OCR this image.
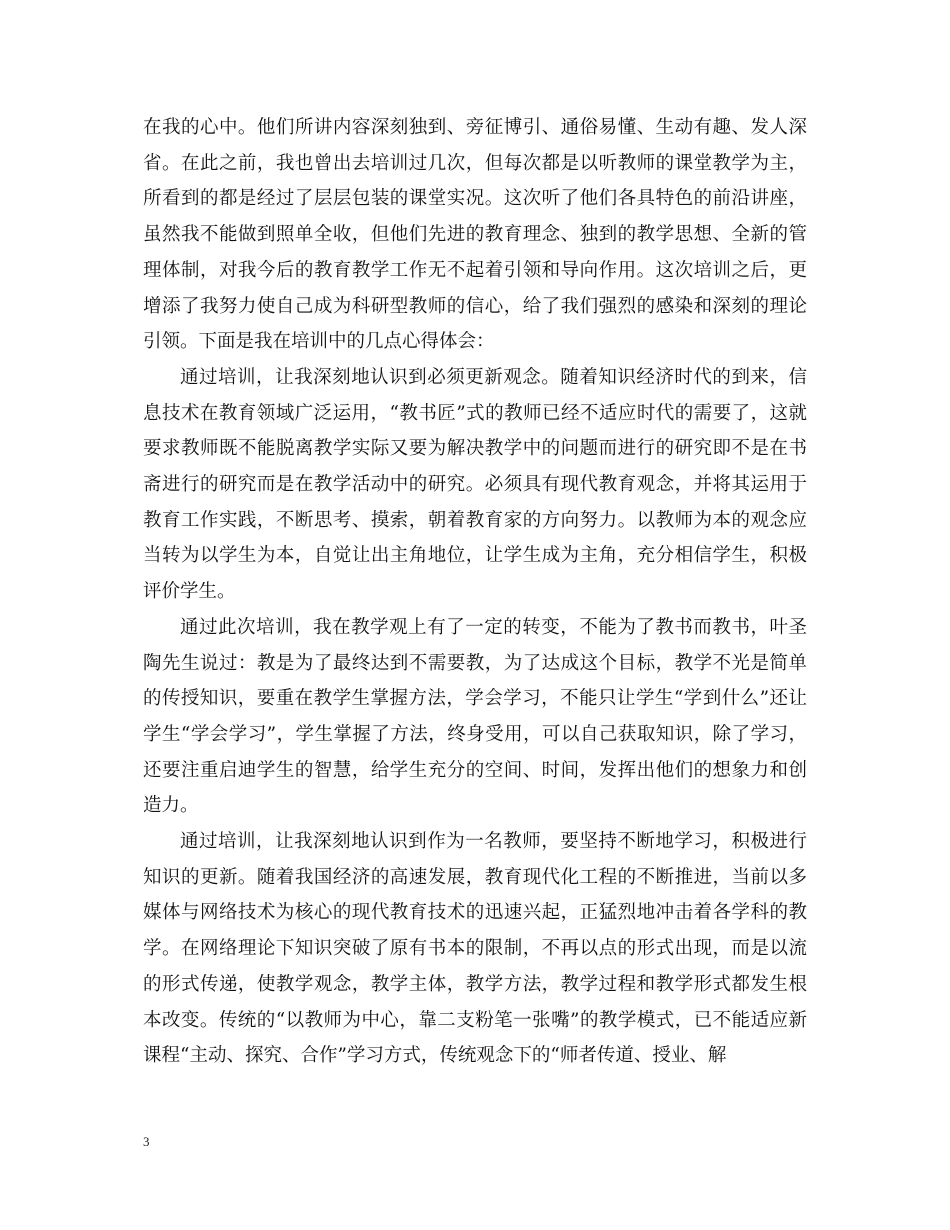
在我的心中。他们所讲内容深刻独到、旁征博引、通俗易懂、生动有趣、发人深省。在此之前，我也曾出去培训过几次，但每次都是以听教师的课堂教学为主，所看到的都是经过了层层包装的课堂实况。这次听了他们各具特色的前沿讲座，虽然我不能做到照单全收，但他们先进的教育理念、独到的教学思想、全新的管理体制，对我今后的教育教学工作无不起着引领和导向作用。这次培训之后，更增添了我努力使自己成为科研型教师的信心，给了我们强烈的感染和深刻的理论引领。下面是我在培训中的几点心得体会：

通过培训，让我深刻地认识到必须更新观念。随着知识经济时代的到来，信息技术在教育领域广泛运用，“教书匠”式的教师已经不适应时代的需要了，这就要求教师既不能脱离教学实际又要为解决教学中的问题而进行的研究即不是在书斋进行的研究而是在教学活动中的研究。必须具有现代教育观念，并将其运用于教育工作实践，不断思考、摸索，朝着教育家的方向努力。以教师为本的观念应当转为以学生为本，自觉让出主角地位，让学生成为主角，充分相信学生，积极评价学生。

通过此次培训，我在教学观上有了一定的转变，不能为了教书而教书，叶圣陶先生说过：教是为了最终达到不需要教，为了达成这个目标，教学不光是简单的传授知识，要重在教学生掌握方法，学会学习，不能只让学生“学到什么”还让学生“学会学习”，学生掌握了方法，终身受用，可以自己获取知识，除了学习，还要注重启迪学生的智慧，给学生充分的空间、时间，发挥出他们的想象力和创造力。

通过培训，让我深刻地认识到作为一名教师，要坚持不断地学习，积极进行知识的更新。随着我国经济的高速发展，教育现代化工程的不断推进，当前以多媒体与网络技术为核心的现代教育技术的迅速兴起，正猛烈地冲击着各学科的教学。在网络理论下知识突破了原有书本的限制，不再以点的形式出现，而是以流的形式传递，使教学观念，教学主体，教学方法，教学过程和教学形式都发生根本改变。传统的“以教师为中心，靠二支粉笔一张嘴”的教学模式，已不能适应新课程“主动、探究、合作”学习方式，传统观念下的“师者传道、授业、解

3
